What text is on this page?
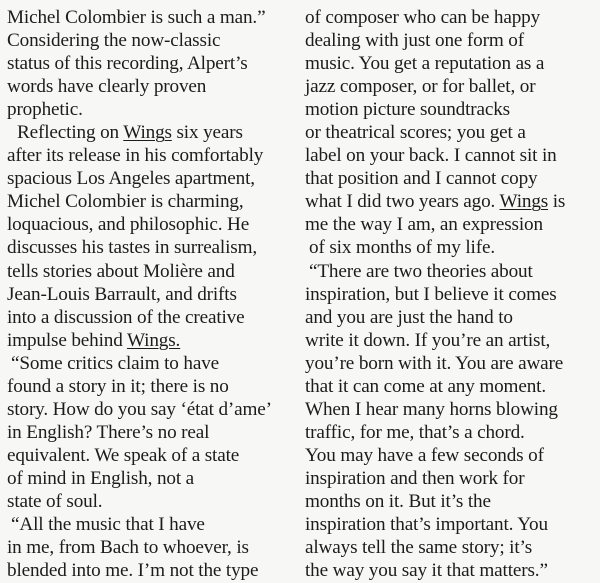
Michel Colombier is such a man.”
Considering the now-classic
status of this recording, Alpert’s
words have clearly proven
prophetic.
Reflecting on Wings six years
after its release in his comfortably
spacious Los Angeles apartment,
Michel Colombier is charming,
loquacious, and philosophic. He
discusses his tastes in surrealism,
tells stories about Molière and
Jean-Louis Barrault, and drifts
into a discussion of the creative
impulse behind Wings.
“Some critics claim to have
found a story in it; there is no
story. How do you say ‘état d’ame’
in English? There’s no real
equivalent. We speak of a state
of mind in English, not a
state of soul.
“All the music that I have
in me, from Bach to whoever, is
blended into me. I’m not the type
of composer who can be happy
dealing with just one form of
music. You get a reputation as a
jazz composer, or for ballet, or
motion picture soundtracks
or theatrical scores; you get a
label on your back. I cannot sit in
that position and I cannot copy
what I did two years ago. Wings is
me the way I am, an expression
of six months of my life.
“There are two theories about
inspiration, but I believe it comes
and you are just the hand to
write it down. If you’re an artist,
you’re born with it. You are aware
that it can come at any moment.
When I hear many horns blowing
traffic, for me, that’s a chord.
You may have a few seconds of
inspiration and then work for
months on it. But it’s the
inspiration that’s important. You
always tell the same story; it’s
the way you say it that matters.”
